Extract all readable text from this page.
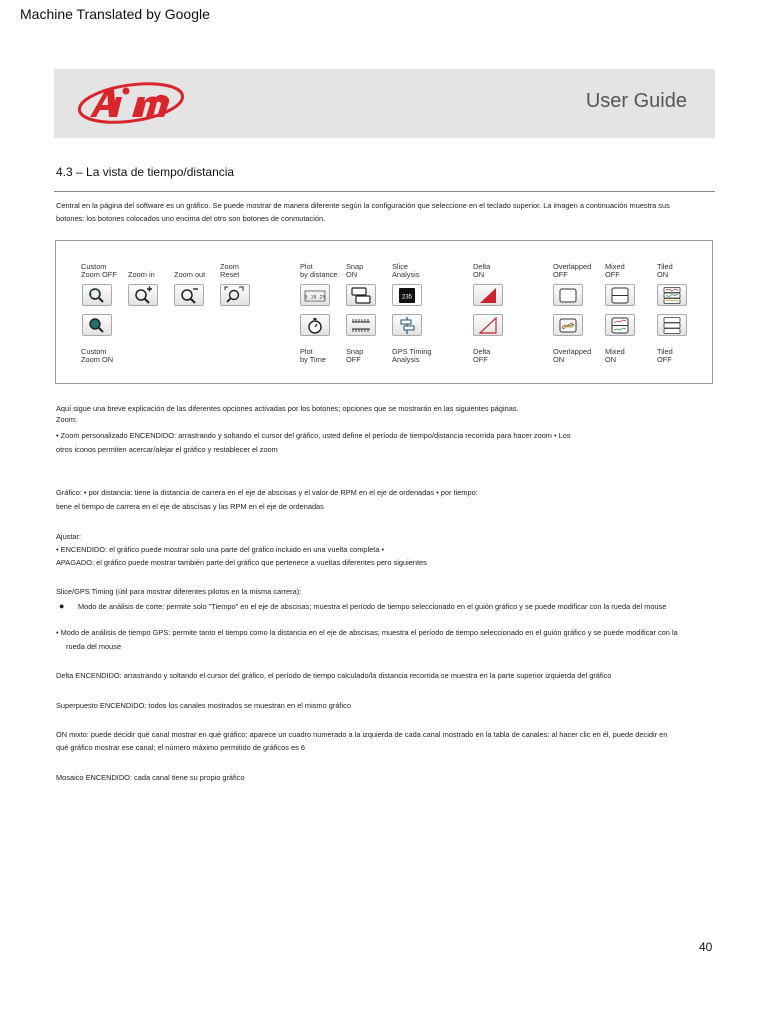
Machine Translated by Google
User Guide
4.3 – La vista de tiempo/distancia
Central en la página del software es un gráfico. Se puede mostrar de manera diferente según la configuración que seleccione en el teclado superior. La imagen a continuación muestra sus
botones: los botones colocados uno encima del otro son botones de conmutación.
Custom
Zoom OFF Zoom in	Zoom out
Zoom
Reset
Plot
by distance
Snap
ON
Slice
Analysis
Delta
ON
Overlapped
OFF
Mixed
OFF
Tiled
ON
0.18.25	235
Custom
Zoom ON
Plot
by Time
Snap
OFF
GPS Timing
Analysis
Delta
OFF
Overlapped
ON
Mixed
ON
Tiled
OFF
Aquí sigue una breve explicación de las diferentes opciones activadas por los botones; opciones que se mostrarán en las siguientes páginas.
Zoom:
• Zoom personalizado ENCENDIDO: arrastrando y soltando el cursor del gráfico, usted define el período de tiempo/distancia recorrida para hacer zoom • Los
otros iconos permiten acercar/alejar el gráfico y restablecer el zoom
Gráfico: • por distancia: tiene la distancia de carrera en el eje de abscisas y el valor de RPM en el eje de ordenadas • por tiempo:
tiene el tiempo de carrera en el eje de abscisas y las RPM en el eje de ordenadas
Ajustar:
• ENCENDIDO: el gráfico puede mostrar solo una parte del gráfico incluido en una vuelta completa •
APAGADO: el gráfico puede mostrar también parte del gráfico que pertenece a vueltas diferentes pero siguientes
Slice/GPS Timing (útil para mostrar diferentes pilotos en la misma carrera):
● Modo de análisis de corte: permite solo "Tiempo" en el eje de abscisas; muestra el período de tiempo seleccionado en el guión gráfico y se puede modificar con la rueda del mouse
• Modo de análisis de tiempo GPS: permite tanto el tiempo como la distancia en el eje de abscisas; muestra el período de tiempo seleccionado en el guión gráfico y se puede modificar con la
rueda del mouse
Delta ENCENDIDO: arrastrando y soltando el cursor del gráfico, el período de tiempo calculado/la distancia recorrida se muestra en la parte superior izquierda del gráfico
Superpuesto ENCENDIDO: todos los canales mostrados se muestran en el mismo gráfico
ON mixto: puede decidir qué canal mostrar en qué gráfico; aparece un cuadro numerado a la izquierda de cada canal mostrado en la tabla de canales: al hacer clic en él, puede decidir en
qué gráfico mostrar ese canal; el número máximo permitido de gráficos es 6
Mosaico ENCENDIDO: cada canal tiene su propio gráfico
40
